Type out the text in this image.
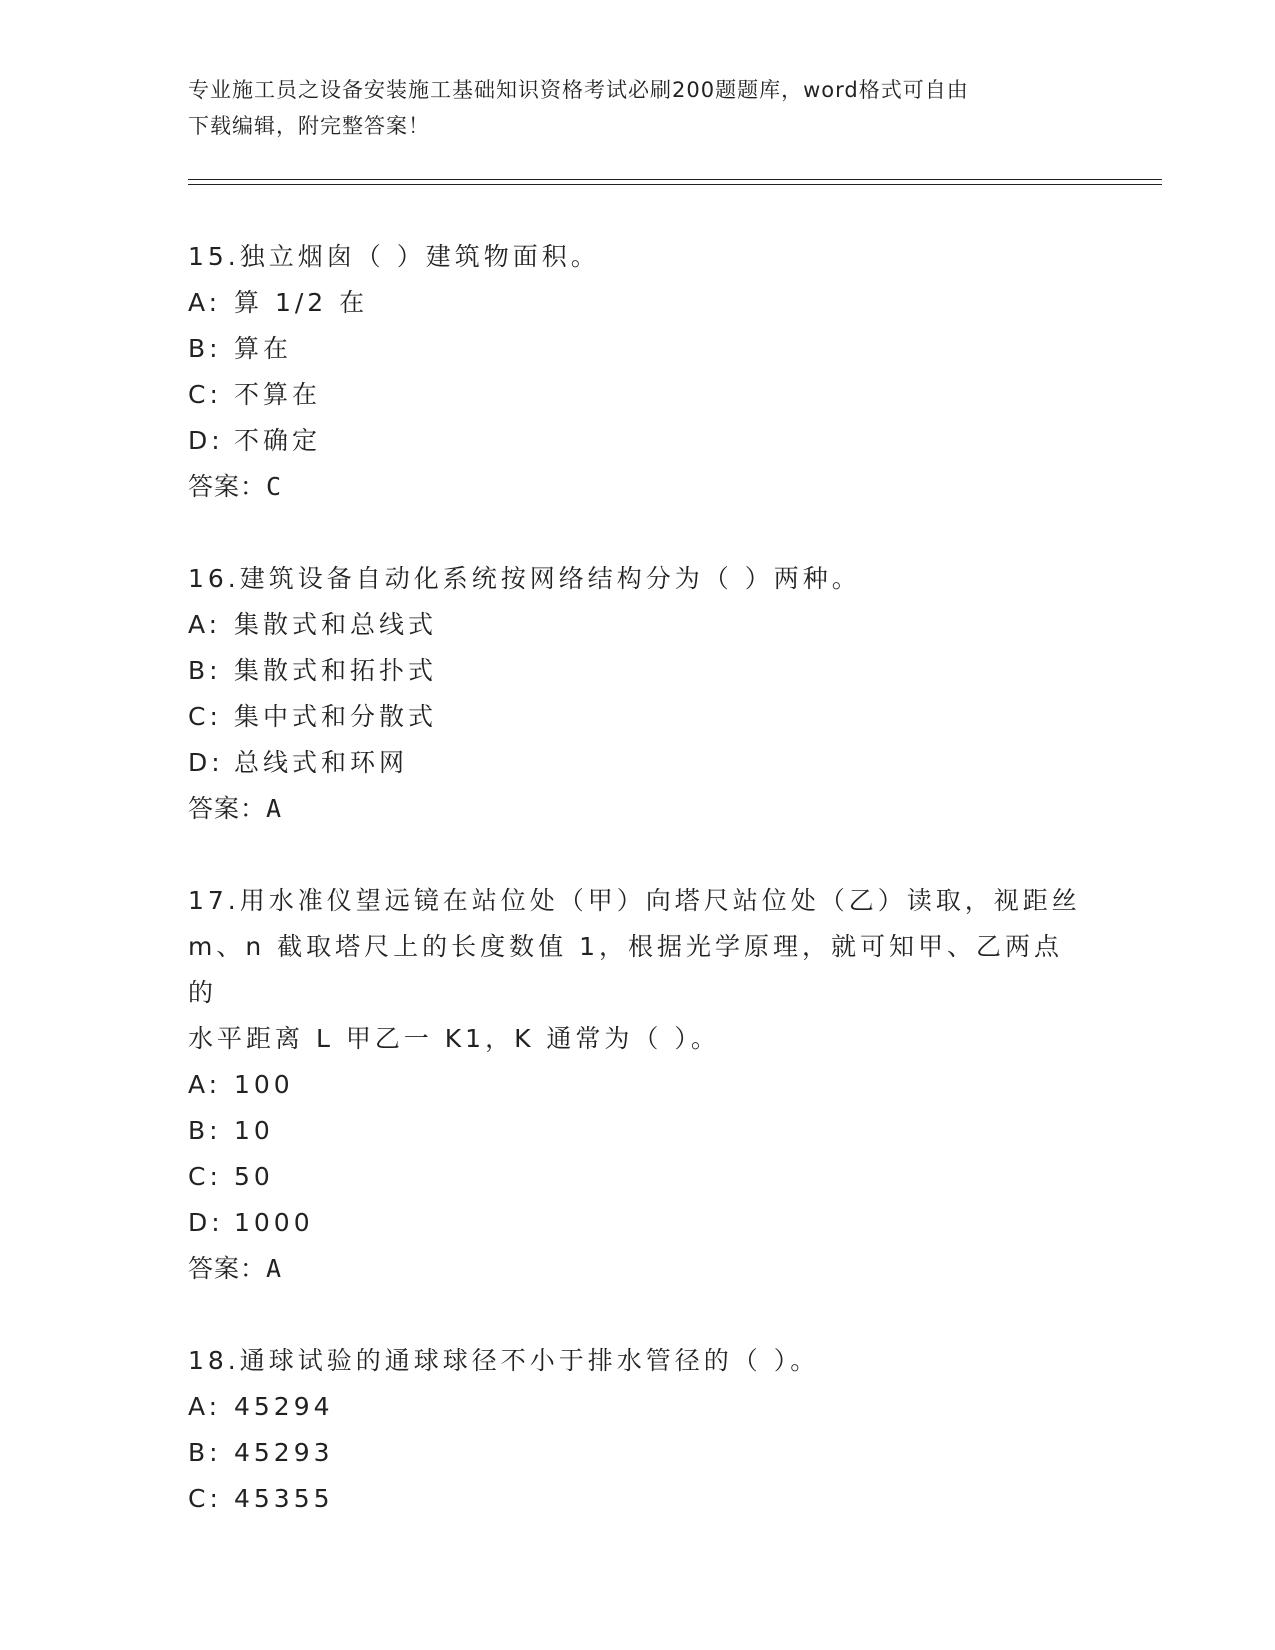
专业施工员之设备安装施工基础知识资格考试必刷200题题库，word格式可自由
下载编辑，附完整答案！
15.独立烟囱（ ）建筑物面积。
A: 算 1/2 在
B: 算在
C: 不算在
D: 不确定
答案：C
16.建筑设备自动化系统按网络结构分为（ ）两种。
A: 集散式和总线式
B: 集散式和拓扑式
C: 集中式和分散式
D: 总线式和环网
答案：A
17.用水准仪望远镜在站位处（甲）向塔尺站位处（乙）读取，视距丝
m、n 截取塔尺上的长度数值 1，根据光学原理，就可知甲、乙两点的
水平距离 L 甲乙一 K1，K 通常为（ ）。
A: 100
B: 10
C: 50
D: 1000
答案：A
18.通球试验的通球球径不小于排水管径的（ ）。
A: 45294
B: 45293
C: 45355
